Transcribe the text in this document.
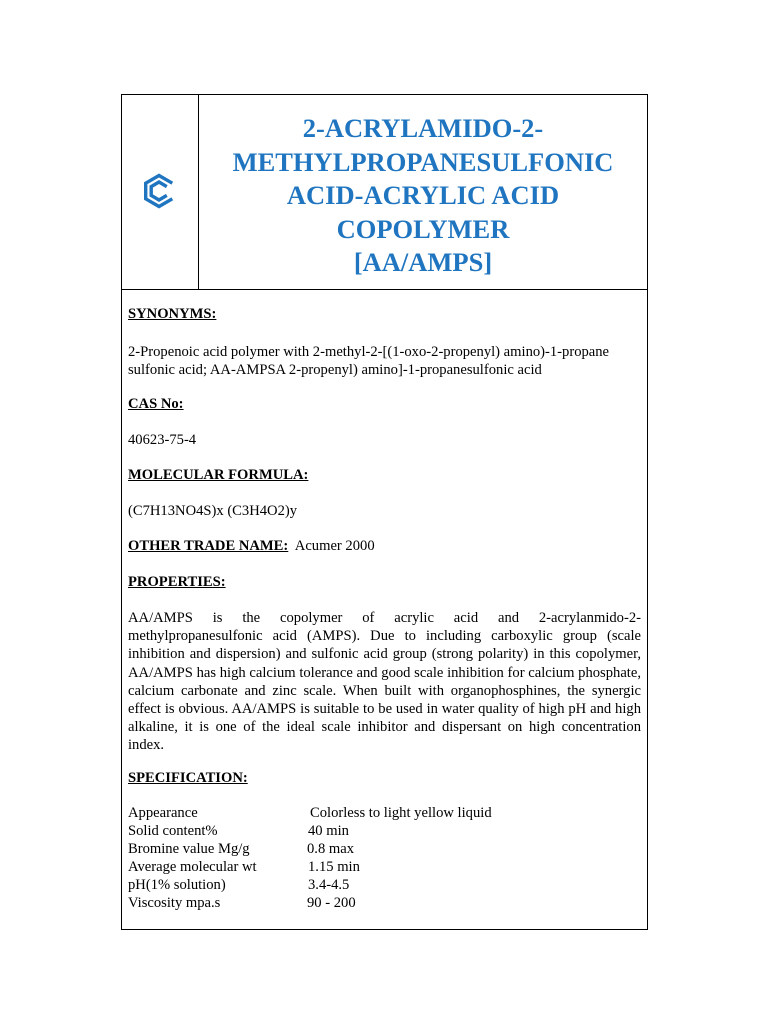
2-ACRYLAMIDO-2-
METHYLPROPANESULFONIC
ACID-ACRYLIC ACID
COPOLYMER
[AA/AMPS]
SYNONYMS:
2-Propenoic acid polymer with 2-methyl-2-[(1-oxo-2-propenyl) amino)-1-propane sulfonic acid; AA-AMPSA 2-propenyl) amino]-1-propanesulfonic acid
CAS No:
40623-75-4
MOLECULAR FORMULA:
(C7H13NO4S)x (C3H4O2)y
OTHER TRADE NAME: Acumer 2000
PROPERTIES:
AA/AMPS is the copolymer of acrylic acid and 2-acrylanmido-2-methylpropanesulfonic acid (AMPS). Due to including carboxylic group (scale inhibition and dispersion) and sulfonic acid group (strong polarity) in this copolymer, AA/AMPS has high calcium tolerance and good scale inhibition for calcium phosphate, calcium carbonate and zinc scale. When built with organophosphines, the synergic effect is obvious. AA/AMPS is suitable to be used in water quality of high pH and high alkaline, it is one of the ideal scale inhibitor and dispersant on high concentration index.
SPECIFICATION:
Appearance	Colorless to light yellow liquid
Solid content%	40 min
Bromine value Mg/g	0.8 max
Average molecular wt	1.15 min
pH(1% solution)	3.4-4.5
Viscosity mpa.s	90 - 200
